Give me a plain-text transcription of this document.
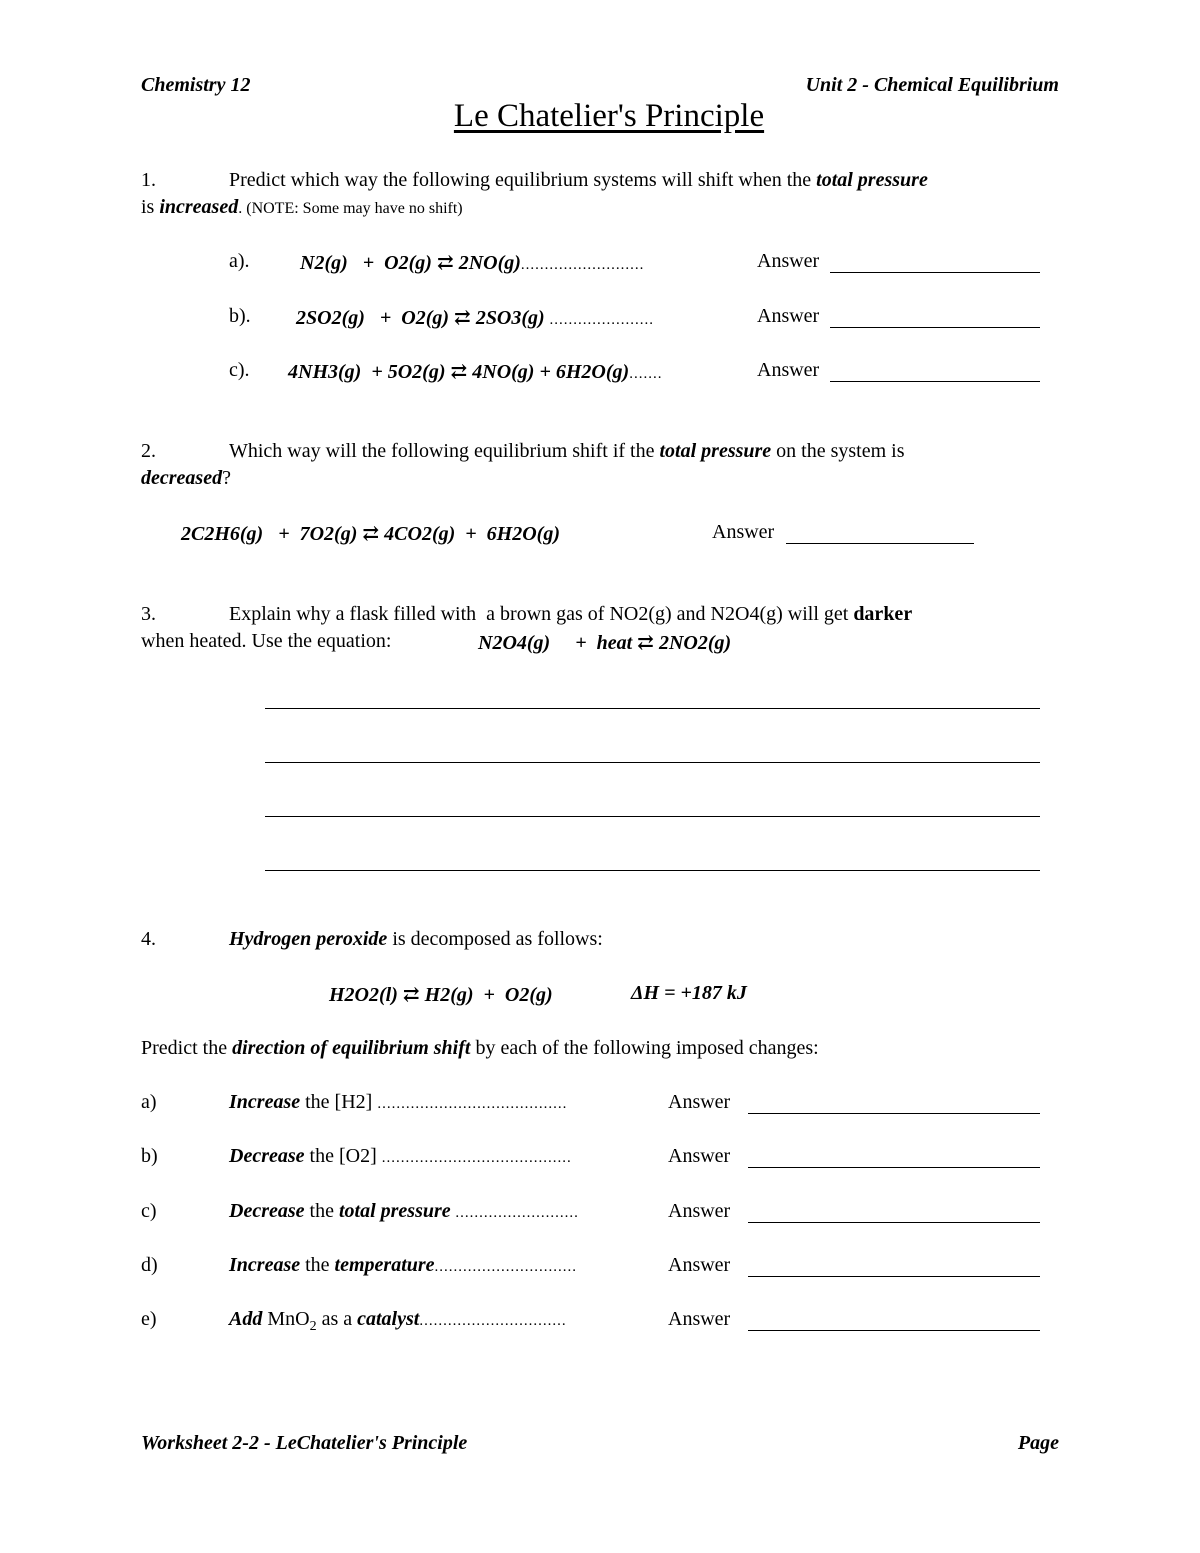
Chemistry 12	Unit 2 - Chemical Equilibrium
Le Chatelier's Principle
1.	Predict which way the following equilibrium systems will shift when the total pressure
is increased. (NOTE: Some may have no shift)
a).	N2(g)   +  O2(g) ⇄ 2NO(g)..........................	Answer
b). 2SO2(g)   +  O2(g) ⇄ 2SO3(g) ......................	Answer
c). 4NH3(g)  + 5O2(g) ⇄ 4NO(g) + 6H2O(g).......	Answer
2.	Which way will the following equilibrium shift if the total pressure on the system is
decreased?
2C2H6(g)   +  7O2(g) ⇄ 4CO2(g)  +  6H2O(g)	Answer
3.	Explain why a flask filled with  a brown gas of NO2(g) and N2O4(g) will get darker
when heated. Use the equation:	N2O4(g)     +  heat ⇄ 2NO2(g)
4.	Hydrogen peroxide is decomposed as follows:
H2O2(l) ⇄ H2(g)  +  O2(g)	ΔH = +187 kJ
Predict the direction of equilibrium shift by each of the following imposed changes:
a)	Increase the [H2] ........................................	Answer
b)	Decrease the [O2] ........................................	Answer
c)	Decrease the total pressure ..........................	Answer
d)	Increase the temperature..............................	Answer
e)	Add MnO$_2$ as a catalyst...............................	Answer
Worksheet 2-2 - LeChatelier's Principle	Page
